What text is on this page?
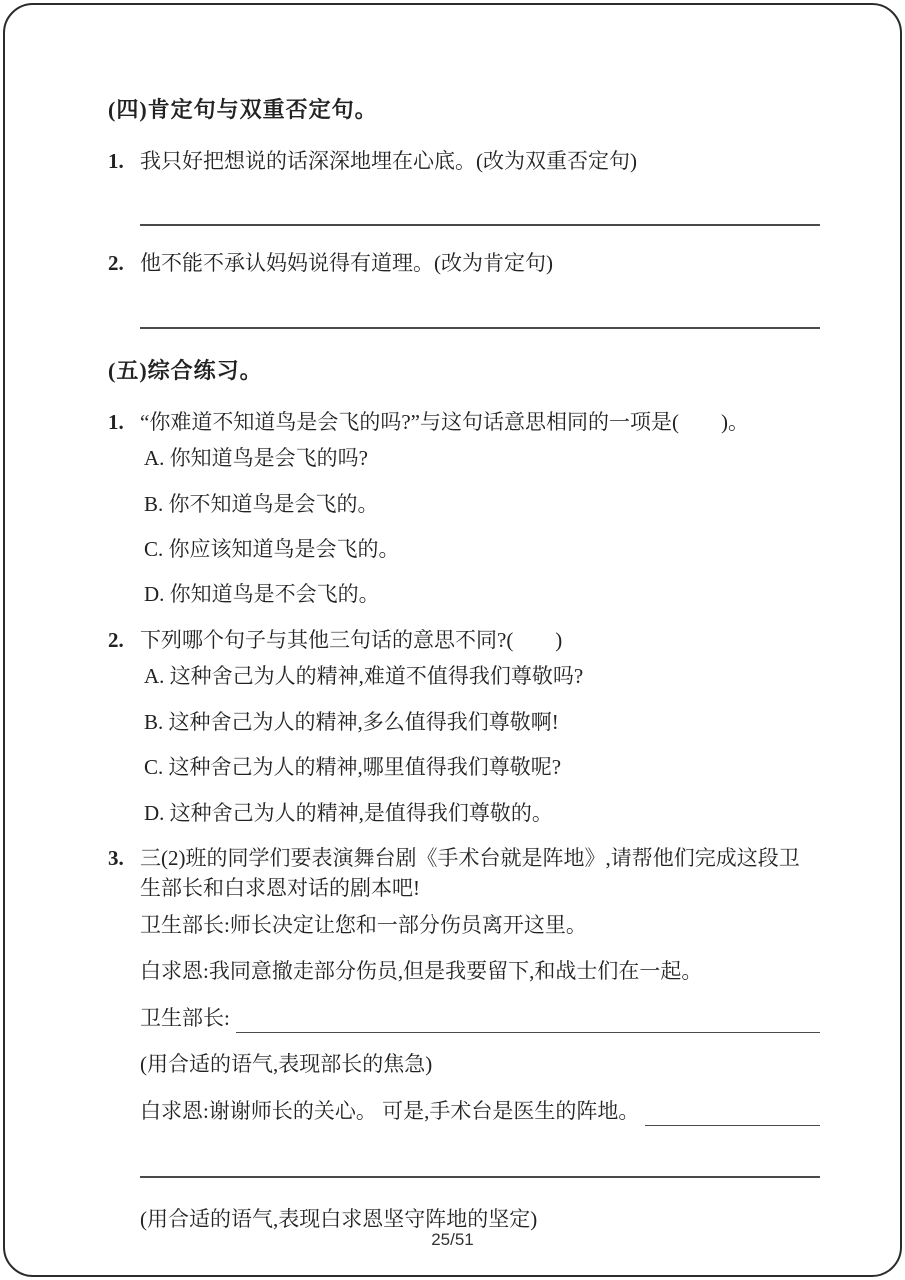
(四)肯定句与双重否定句。
1. 我只好把想说的话深深地埋在心底。(改为双重否定句)
2. 他不能不承认妈妈说得有道理。(改为肯定句)
(五)综合练习。
1. “你难道不知道鸟是会飞的吗?”与这句话意思相同的一项是(　　)。
A. 你知道鸟是会飞的吗?
B. 你不知道鸟是会飞的。
C. 你应该知道鸟是会飞的。
D. 你知道鸟是不会飞的。
2. 下列哪个句子与其他三句话的意思不同?(　　)
A. 这种舍己为人的精神,难道不值得我们尊敬吗?
B. 这种舍己为人的精神,多么值得我们尊敬啊!
C. 这种舍己为人的精神,哪里值得我们尊敬呢?
D. 这种舍己为人的精神,是值得我们尊敬的。
3. 三(2)班的同学们要表演舞台剧《手术台就是阵地》,请帮他们完成这段卫生部长和白求恩对话的剧本吧!
卫生部长:师长决定让您和一部分伤员离开这里。
白求恩:我同意撤走部分伤员,但是我要留下,和战士们在一起。
卫生部长:
(用合适的语气,表现部长的焦急)
白求恩:谢谢师长的关心。 可是,手术台是医生的阵地。
(用合适的语气,表现白求恩坚守阵地的坚定)
25/51
